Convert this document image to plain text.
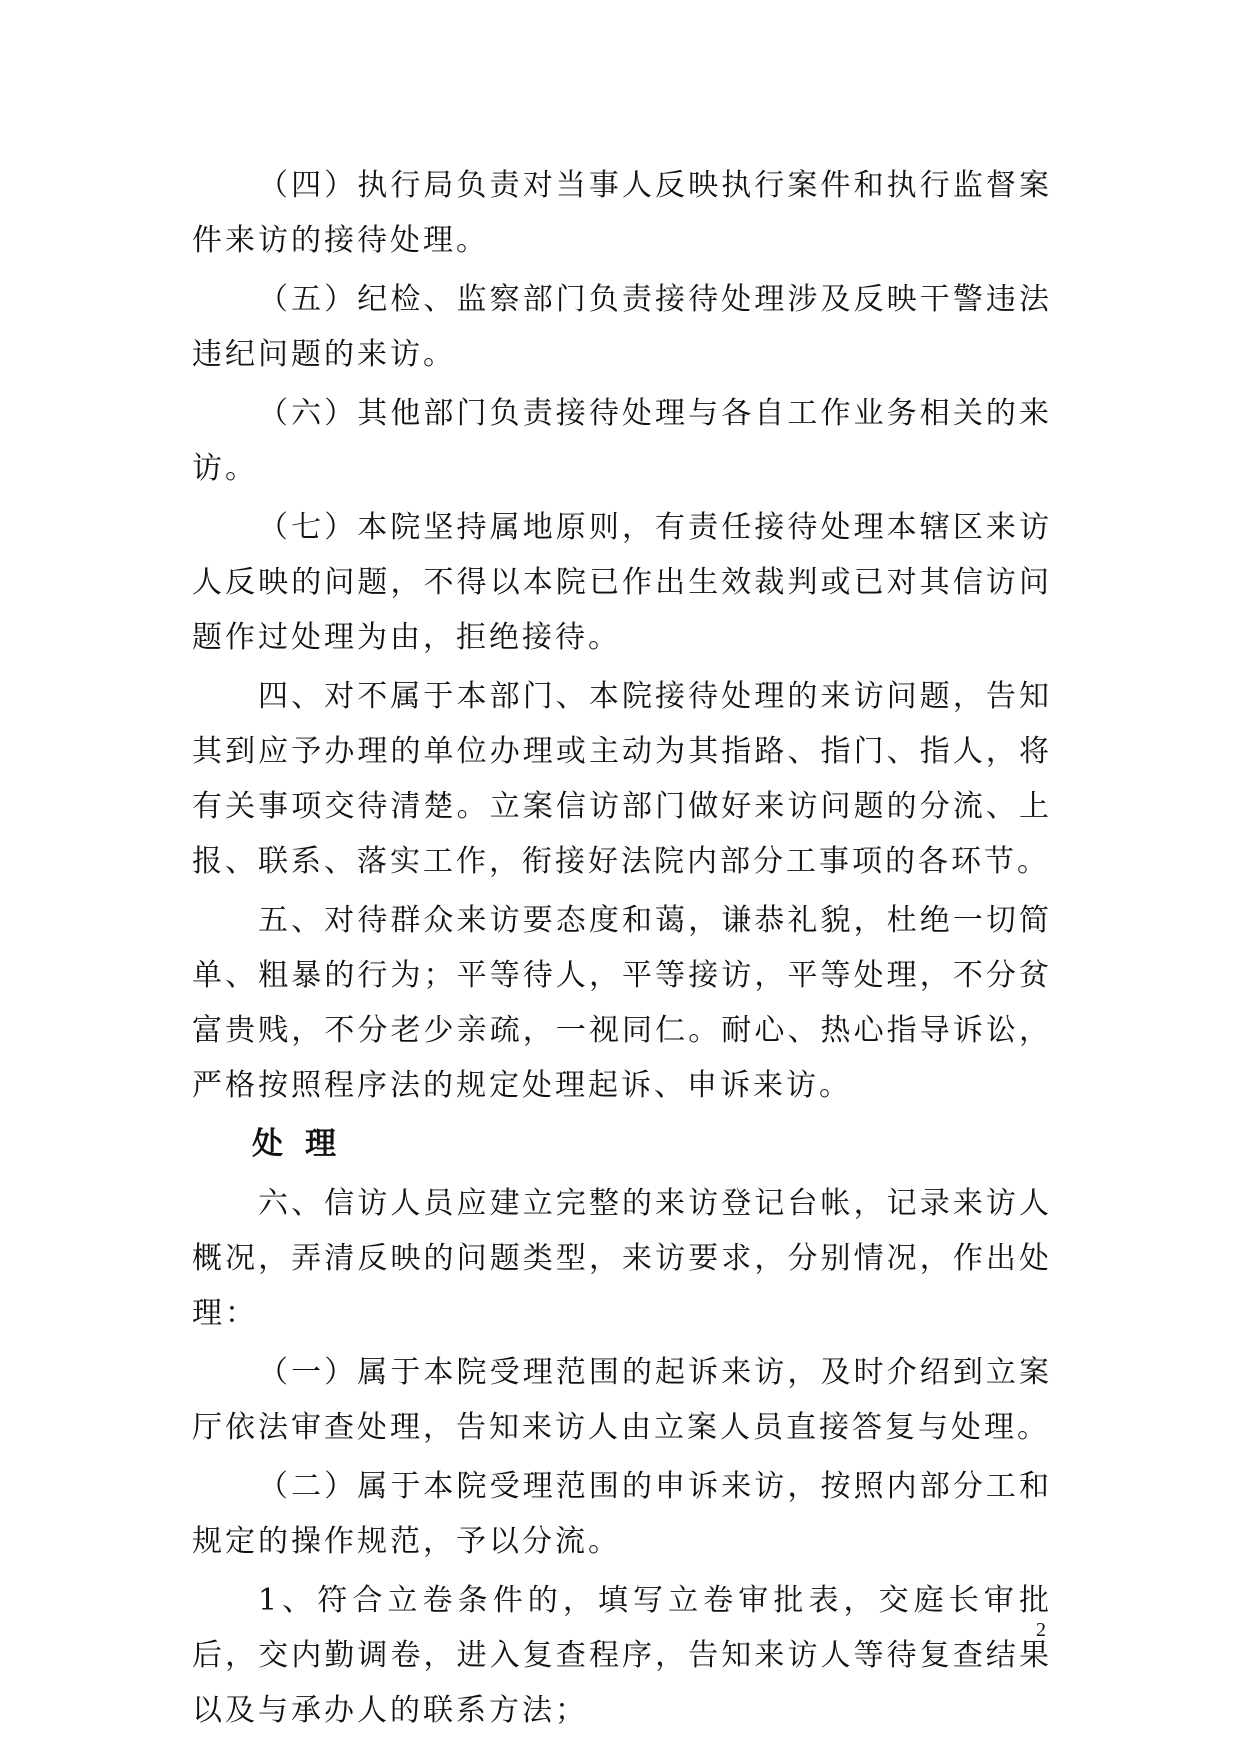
（四）执行局负责对当事人反映执行案件和执行监督案件来访的接待处理。

（五）纪检、监察部门负责接待处理涉及反映干警违法违纪问题的来访。

（六）其他部门负责接待处理与各自工作业务相关的来访。

（七）本院坚持属地原则，有责任接待处理本辖区来访人反映的问题，不得以本院已作出生效裁判或已对其信访问题作过处理为由，拒绝接待。

四、对不属于本部门、本院接待处理的来访问题，告知其到应予办理的单位办理或主动为其指路、指门、指人，将有关事项交待清楚。立案信访部门做好来访问题的分流、上报、联系、落实工作，衔接好法院内部分工事项的各环节。

五、对待群众来访要态度和蔼，谦恭礼貌，杜绝一切简单、粗暴的行为；平等待人，平等接访，平等处理，不分贫富贵贱，不分老少亲疏，一视同仁。耐心、热心指导诉讼，严格按照程序法的规定处理起诉、申诉来访。

处理

六、信访人员应建立完整的来访登记台帐，记录来访人概况，弄清反映的问题类型，来访要求，分别情况，作出处理：

（一）属于本院受理范围的起诉来访，及时介绍到立案厅依法审查处理，告知来访人由立案人员直接答复与处理。

（二）属于本院受理范围的申诉来访，按照内部分工和规定的操作规范，予以分流。

1、符合立卷条件的，填写立卷审批表，交庭长审批后，交内勤调卷，进入复查程序，告知来访人等待复查结果以及与承办人的联系方法；

2
